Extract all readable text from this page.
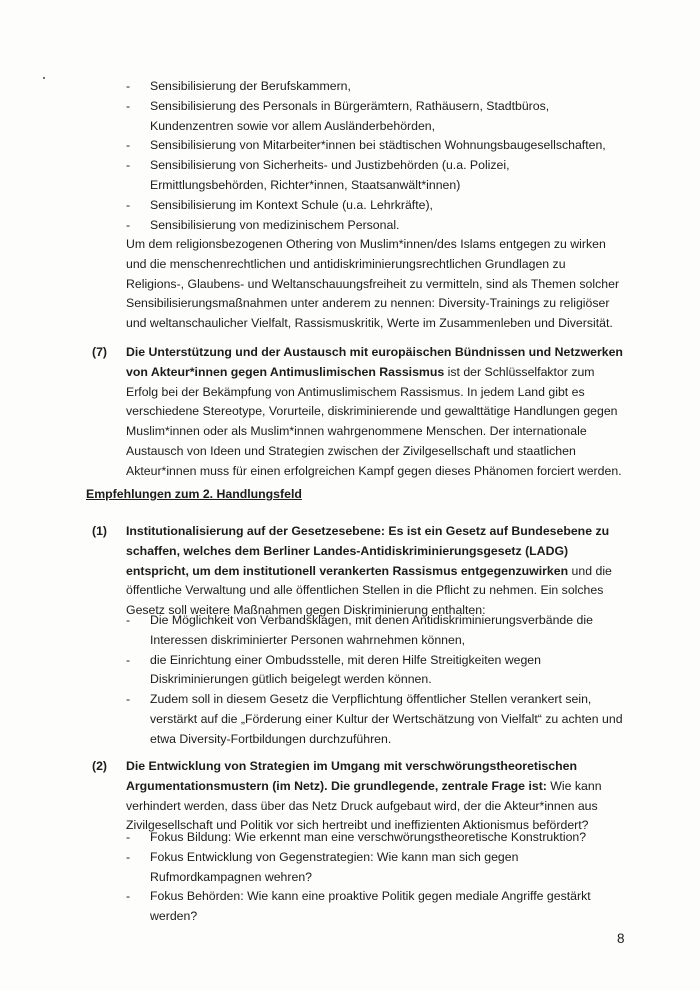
-	Sensibilisierung der Berufskammern,
-	Sensibilisierung des Personals in Bürgerämtern, Rathäusern, Stadtbüros, Kundenzentren sowie vor allem Ausländerbehörden,
-	Sensibilisierung von Mitarbeiter*innen bei städtischen Wohnungsbaugesellschaften,
-	Sensibilisierung von Sicherheits- und Justizbehörden (u.a. Polizei, Ermittlungsbehörden, Richter*innen, Staatsanwält*innen)
-	Sensibilisierung im Kontext Schule (u.a. Lehrkräfte),
-	Sensibilisierung von medizinischem Personal.
Um dem religionsbezogenen Othering von Muslim*innen/des Islams entgegen zu wirken und die menschenrechtlichen und antidiskriminierungsrechtlichen Grundlagen zu Religions-, Glaubens- und Weltanschauungsfreiheit zu vermitteln, sind als Themen solcher Sensibilisierungsmaßnahmen unter anderem zu nennen: Diversity-Trainings zu religiöser und weltanschaulicher Vielfalt, Rassismuskritik, Werte im Zusammenleben und Diversität.
(7) Die Unterstützung und der Austausch mit europäischen Bündnissen und Netzwerken von Akteur*innen gegen Antimuslimischen Rassismus ist der Schlüsselfaktor zum Erfolg bei der Bekämpfung von Antimuslimischem Rassismus. In jedem Land gibt es verschiedene Stereotype, Vorurteile, diskriminierende und gewalttätige Handlungen gegen Muslim*innen oder als Muslim*innen wahrgenommene Menschen. Der internationale Austausch von Ideen und Strategien zwischen der Zivilgesellschaft und staatlichen Akteur*innen muss für einen erfolgreichen Kampf gegen dieses Phänomen forciert werden.
Empfehlungen zum 2. Handlungsfeld
(1) Institutionalisierung auf der Gesetzesebene: Es ist ein Gesetz auf Bundesebene zu schaffen, welches dem Berliner Landes-Antidiskriminierungsgesetz (LADG) entspricht, um dem institutionell verankerten Rassismus entgegenzuwirken und die öffentliche Verwaltung und alle öffentlichen Stellen in die Pflicht zu nehmen. Ein solches Gesetz soll weitere Maßnahmen gegen Diskriminierung enthalten:
-	Die Möglichkeit von Verbandsklagen, mit denen Antidiskriminierungsverbände die Interessen diskriminierter Personen wahrnehmen können,
-	die Einrichtung einer Ombudsstelle, mit deren Hilfe Streitigkeiten wegen Diskriminierungen gütlich beigelegt werden können.
-	Zudem soll in diesem Gesetz die Verpflichtung öffentlicher Stellen verankert sein, verstärkt auf die „Förderung einer Kultur der Wertschätzung von Vielfalt“ zu achten und etwa Diversity-Fortbildungen durchzuführen.
(2) Die Entwicklung von Strategien im Umgang mit verschwörungstheoretischen Argumentationsmustern (im Netz). Die grundlegende, zentrale Frage ist: Wie kann verhindert werden, dass über das Netz Druck aufgebaut wird, der die Akteur*innen aus Zivilgesellschaft und Politik vor sich hertreibt und ineffizienten Aktionismus befördert?
-	Fokus Bildung: Wie erkennt man eine verschwörungstheoretische Konstruktion?
-	Fokus Entwicklung von Gegenstrategien: Wie kann man sich gegen Rufmordkampagnen wehren?
-	Fokus Behörden: Wie kann eine proaktive Politik gegen mediale Angriffe gestärkt werden?
8
